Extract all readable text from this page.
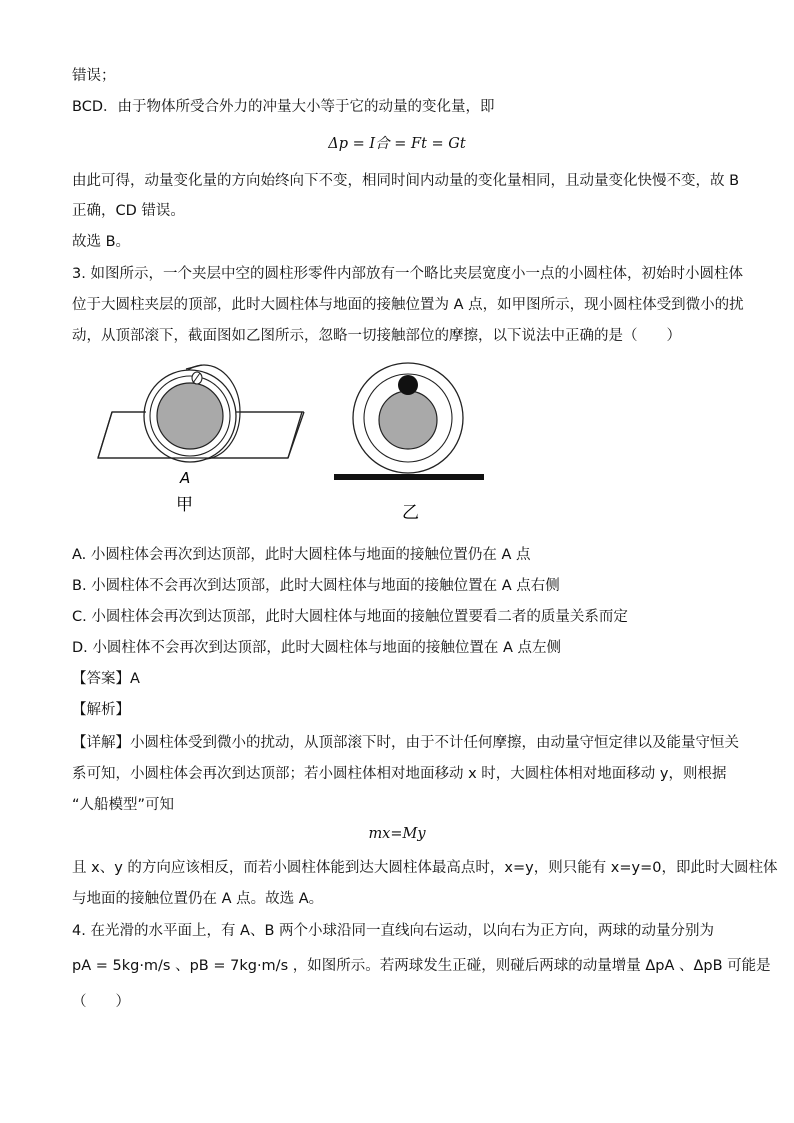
错误；
BCD．由于物体所受合外力的冲量大小等于它的动量的变化量，即
Δp = I合 = Ft = Gt
由此可得，动量变化量的方向始终向下不变，相同时间内动量的变化量相同，且动量变化快慢不变，故 B
正确，CD 错误。
故选 B。
3. 如图所示，一个夹层中空的圆柱形零件内部放有一个略比夹层宽度小一点的小圆柱体，初始时小圆柱体
位于大圆柱夹层的顶部，此时大圆柱体与地面的接触位置为 A 点，如甲图所示，现小圆柱体受到微小的扰
动，从顶部滚下，截面图如乙图所示，忽略一切接触部位的摩擦，以下说法中正确的是（　　）
A
甲	乙
A. 小圆柱体会再次到达顶部，此时大圆柱体与地面的接触位置仍在 A 点
B. 小圆柱体不会再次到达顶部，此时大圆柱体与地面的接触位置在 A 点右侧
C. 小圆柱体会再次到达顶部，此时大圆柱体与地面的接触位置要看二者的质量关系而定
D. 小圆柱体不会再次到达顶部，此时大圆柱体与地面的接触位置在 A 点左侧
【答案】A
【解析】
【详解】小圆柱体受到微小的扰动，从顶部滚下时，由于不计任何摩擦，由动量守恒定律以及能量守恒关
系可知，小圆柱体会再次到达顶部；若小圆柱体相对地面移动 x 时，大圆柱体相对地面移动 y，则根据
“人船模型”可知
mx=My
且 x、y 的方向应该相反，而若小圆柱体能到达大圆柱体最高点时，x=y，则只能有 x=y=0，即此时大圆柱体
与地面的接触位置仍在 A 点。故选 A。
4. 在光滑的水平面上，有 A、B 两个小球沿同一直线向右运动，以向右为正方向，两球的动量分别为
pA = 5kg·m/s 、pB = 7kg·m/s ，如图所示。若两球发生正碰，则碰后两球的动量增量 ΔpA 、ΔpB 可能是
（　　）
